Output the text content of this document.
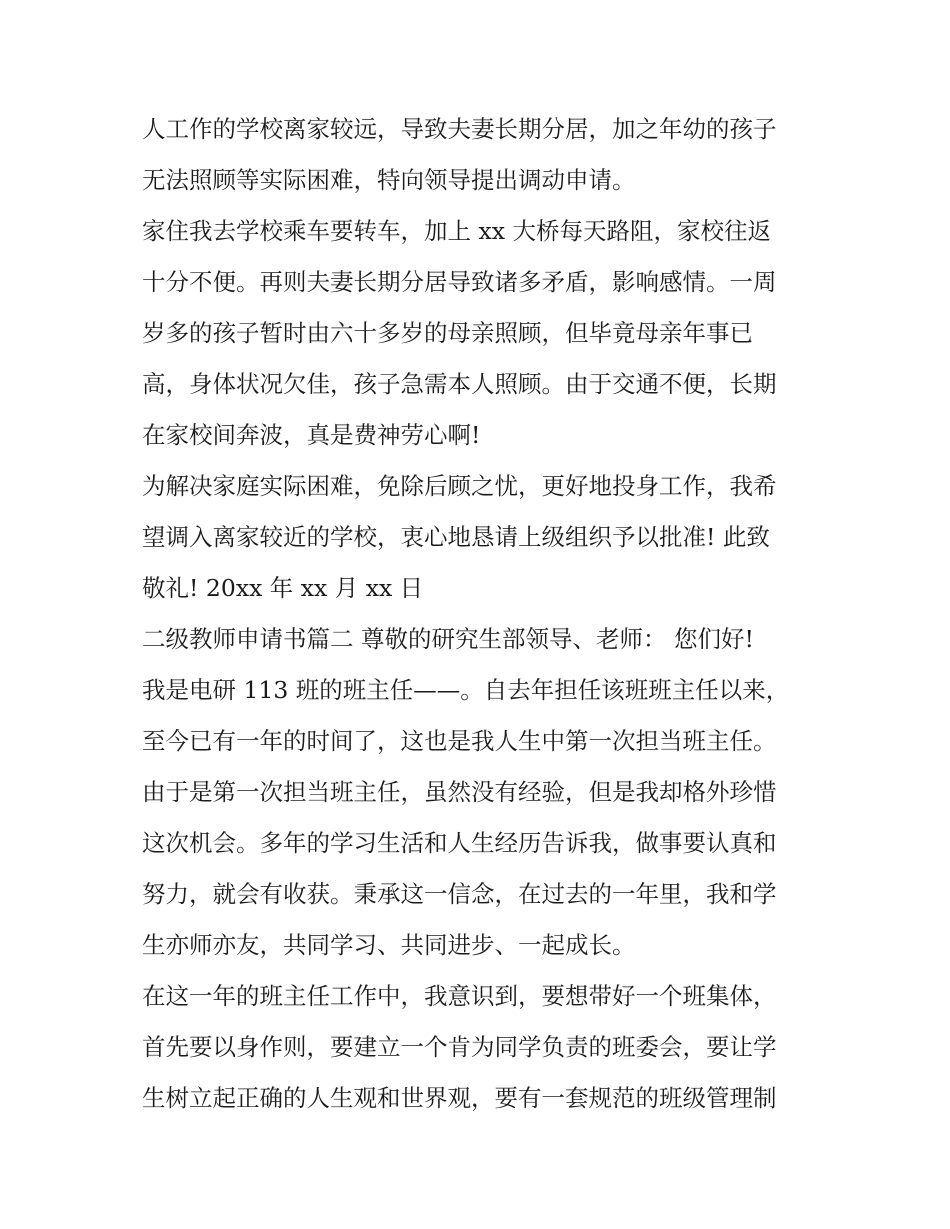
人工作的学校离家较远，导致夫妻长期分居，加之年幼的孩子
无法照顾等实际困难，特向领导提出调动申请。
家住我去学校乘车要转车，加上 xx 大桥每天路阻，家校往返
十分不便。再则夫妻长期分居导致诸多矛盾，影响感情。一周
岁多的孩子暂时由六十多岁的母亲照顾，但毕竟母亲年事已
高，身体状况欠佳，孩子急需本人照顾。由于交通不便，长期
在家校间奔波，真是费神劳心啊!
为解决家庭实际困难，免除后顾之忧，更好地投身工作，我希
望调入离家较近的学校，衷心地恳请上级组织予以批准! 此致
敬礼! 20xx 年 xx 月 xx 日
二级教师申请书篇二 尊敬的研究生部领导、老师： 您们好!
我是电研 113 班的班主任——。自去年担任该班班主任以来，
至今已有一年的时间了，这也是我人生中第一次担当班主任。
由于是第一次担当班主任，虽然没有经验，但是我却格外珍惜
这次机会。多年的学习生活和人生经历告诉我，做事要认真和
努力，就会有收获。秉承这一信念，在过去的一年里，我和学
生亦师亦友，共同学习、共同进步、一起成长。
在这一年的班主任工作中，我意识到，要想带好一个班集体，
首先要以身作则，要建立一个肯为同学负责的班委会，要让学
生树立起正确的人生观和世界观，要有一套规范的班级管理制
